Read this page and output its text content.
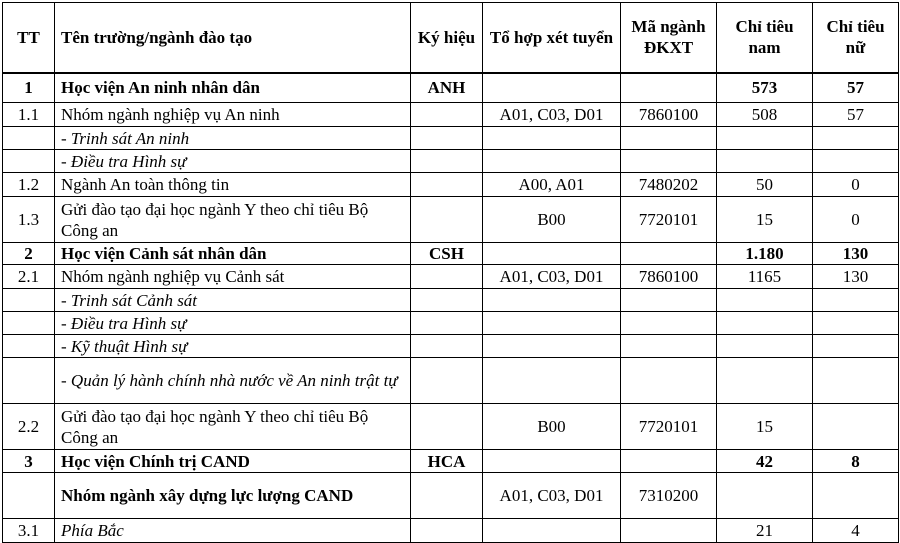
TT	Tên trường/ngành đào tạo	Ký hiệu	Tổ hợp xét tuyển	Mã ngành ĐKXT	Chỉ tiêu nam	Chỉ tiêu nữ
1	Học viện An ninh nhân dân	ANH			573	57
1.1	Nhóm ngành nghiệp vụ An ninh		A01, C03, D01	7860100	508	57
	- Trinh sát An ninh					
	- Điều tra Hình sự					
1.2	Ngành An toàn thông tin		A00, A01	7480202	50	0
1.3	Gửi đào tạo đại học ngành Y theo chỉ tiêu Bộ Công an		B00	7720101	15	0
2	Học viện Cảnh sát nhân dân	CSH			1.180	130
2.1	Nhóm ngành nghiệp vụ Cảnh sát		A01, C03, D01	7860100	1165	130
	- Trinh sát Cảnh sát					
	- Điều tra Hình sự					
	- Kỹ thuật Hình sự					
	- Quản lý hành chính nhà nước về An ninh trật tự					
2.2	Gửi đào tạo đại học ngành Y theo chỉ tiêu Bộ Công an		B00	7720101	15	
3	Học viện Chính trị CAND	HCA			42	8
	Nhóm ngành xây dựng lực lượng CAND		A01, C03, D01	7310200		
3.1	Phía Bắc				21	4
